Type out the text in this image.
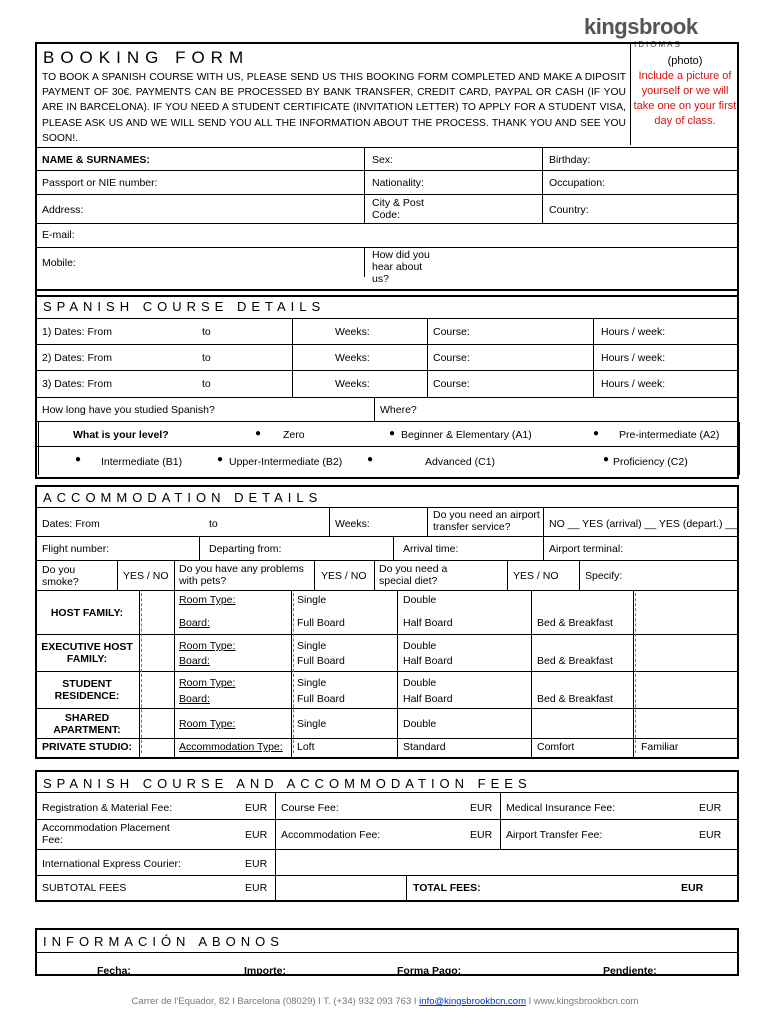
kingsbrook
IDIOMAS
(photo)
Include a picture of yourself or we will take one on your first day of class.
BOOKING FORM
TO BOOK A SPANISH COURSE WITH US, PLEASE SEND US THIS BOOKING FORM COMPLETED AND MAKE A DIPOSIT PAYMENT OF 30€. PAYMENTS CAN BE PROCESSED BY BANK TRANSFER, CREDIT CARD, PAYPAL OR CASH (IF YOU ARE IN BARCELONA). IF YOU NEED A STUDENT CERTIFICATE (INVITATION LETTER) TO APPLY FOR A STUDENT VISA, PLEASE ASK US AND WE WILL SEND YOU ALL THE INFORMATION ABOUT THE PROCESS. THANK YOU AND SEE YOU SOON!.
NAME & SURNAMES:	Sex:	Birthday:
Passport or NIE number:	Nationality:	Occupation:
Address:
City & Post Code:	Country:
E-mail:
Mobile:
How did you hear about us?
SPANISH COURSE DETAILS
1) Dates: From	to	Weeks:	Course:	Hours / week:
2) Dates: From	to	Weeks:	Course:	Hours / week:
3) Dates: From	to	Weeks:	Course:	Hours / week:
How long have you studied Spanish?	Where?
What is your level?	● Zero	● Beginner & Elementary (A1)	● Pre-intermediate (A2)
● Intermediate (B1)	● Upper-Intermediate (B2) ●	Advanced (C1)	● Proficiency (C2)
ACCOMMODATION DETAILS
Dates: From	to	Weeks:
Do you need an airport transfer service?	NO __ YES (arrival) __ YES (depart.) __
Flight number:	Departing from:	Arrival time:	Airport terminal:
Do you smoke?	YES / NO
Do you have any problems with pets?	YES / NO
Do you need a special diet?	YES / NO	Specify:
HOST FAMILY:
Room Type:	Single	Double
Board:	Full Board	Half Board	Bed & Breakfast
EXECUTIVE HOST FAMILY:
Room Type:	Single	Double
Board:	Full Board	Half Board	Bed & Breakfast
STUDENT RESIDENCE:
Room Type:	Single	Double
Board:	Full Board	Half Board	Bed & Breakfast
SHARED APARTMENT:	Room Type:	Single	Double
PRIVATE STUDIO:	Accommodation Type: Loft	Standard	Comfort	Familiar
SPANISH COURSE AND ACCOMMODATION FEES
Registration & Material Fee:	EUR Course Fee:	EUR Medical Insurance Fee:	EUR
Accommodation Placement Fee:	EUR Accommodation Fee:	EUR Airport Transfer Fee:	EUR
International Express Courier:	EUR
SUBTOTAL FEES	EUR	TOTAL FEES:	EUR
INFORMACIÓN ABONOS
Fecha:	Importe:	Forma Pago:	Pendiente:
Carrer de l'Equador, 82 I Barcelona (08029) I T. (+34) 932 093 763 I info@kingsbrookbcn.com I www.kingsbrookbcn.com
